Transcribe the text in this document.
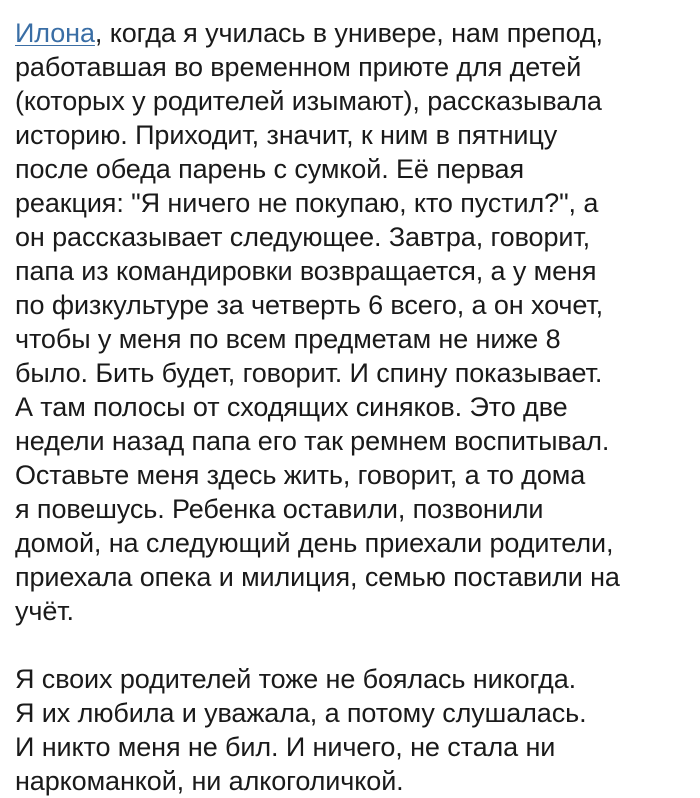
Илона, когда я училась в универе, нам препод,
работавшая во временном приюте для детей
(которых у родителей изымают), рассказывала
историю. Приходит, значит, к ним в пятницу
после обеда парень с сумкой. Её первая
реакция: "Я ничего не покупаю, кто пустил?", а
он рассказывает следующее. Завтра, говорит,
папа из командировки возвращается, а у меня
по физкультуре за четверть 6 всего, а он хочет,
чтобы у меня по всем предметам не ниже 8
было. Бить будет, говорит. И спину показывает.
А там полосы от сходящих синяков. Это две
недели назад папа его так ремнем воспитывал.
Оставьте меня здесь жить, говорит, а то дома
я повешусь. Ребенка оставили, позвонили
домой, на следующий день приехали родители,
приехала опека и милиция, семью поставили на
учёт.
Я своих родителей тоже не боялась никогда.
Я их любила и уважала, а потому слушалась.
И никто меня не бил. И ничего, не стала ни
наркоманкой, ни алкоголичкой.
